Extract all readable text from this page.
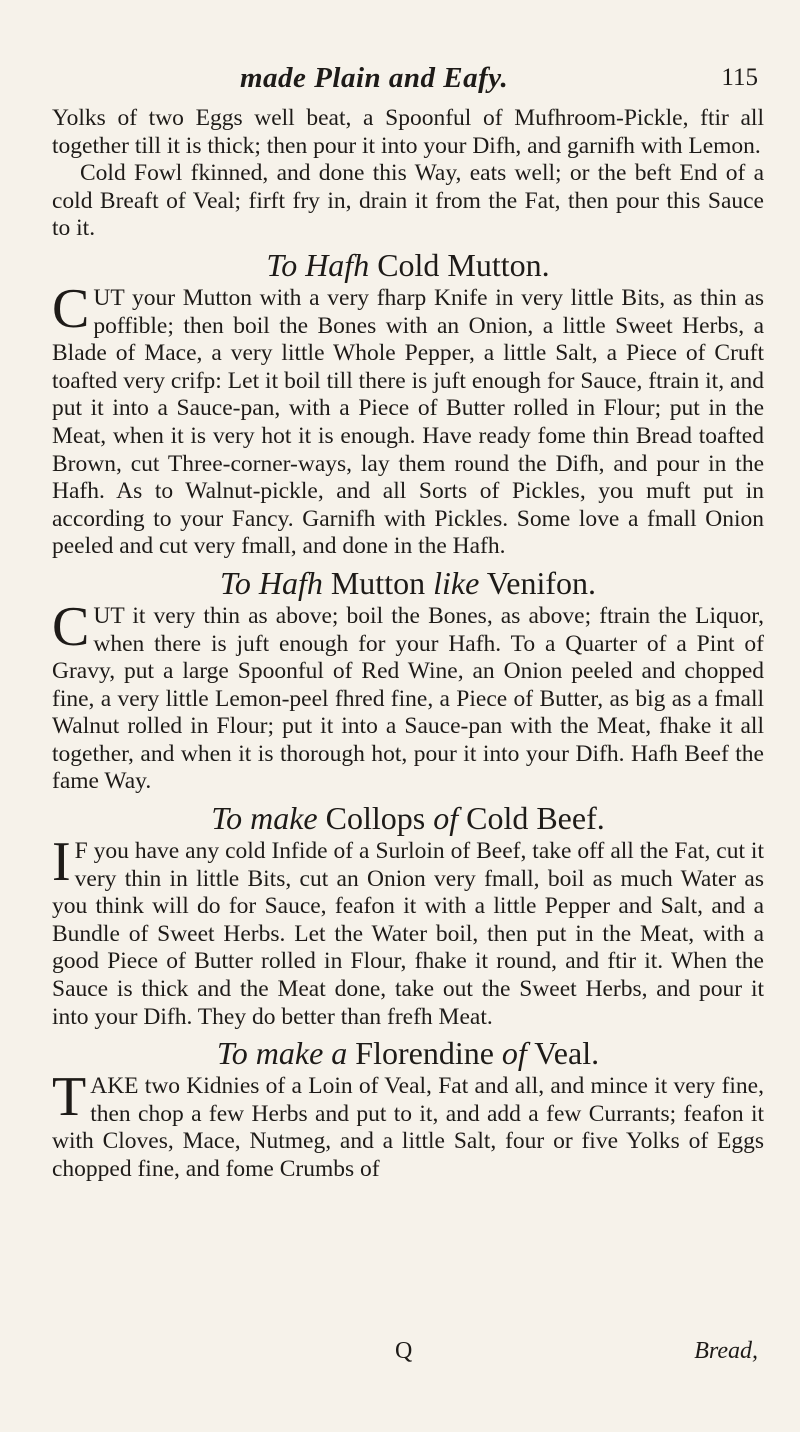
made Plain and Eafy.	115

Yolks of two Eggs well beat, a Spoonful of Mufhroom-Pickle, ftir all together till it is thick; then pour it into your Difh, and garnifh with Lemon.

Cold Fowl fkinned, and done this Way, eats well; or the beft End of a cold Breaft of Veal; firft fry in, drain it from the Fat, then pour this Sauce to it.

To Hafh Cold Mutton.

CUT your Mutton with a very fharp Knife in very little Bits, as thin as poffible; then boil the Bones with an Onion, a little Sweet Herbs, a Blade of Mace, a very little Whole Pepper, a little Salt, a Piece of Cruft toafted very crifp: Let it boil till there is juft enough for Sauce, ftrain it, and put it into a Sauce-pan, with a Piece of Butter rolled in Flour; put in the Meat, when it is very hot it is enough. Have ready fome thin Bread toafted Brown, cut Three-corner-ways, lay them round the Difh, and pour in the Hafh. As to Walnut-pickle, and all Sorts of Pickles, you muft put in according to your Fancy. Garnifh with Pickles. Some love a fmall Onion peeled and cut very fmall, and done in the Hafh.

To Hafh Mutton like Venifon.

CUT it very thin as above; boil the Bones, as above; ftrain the Liquor, when there is juft enough for your Hafh. To a Quarter of a Pint of Gravy, put a large Spoonful of Red Wine, an Onion peeled and chopped fine, a very little Lemon-peel fhred fine, a Piece of Butter, as big as a fmall Walnut rolled in Flour; put it into a Sauce-pan with the Meat, fhake it all together, and when it is thorough hot, pour it into your Difh. Hafh Beef the fame Way.

To make Collops of Cold Beef.

I F you have any cold Infide of a Surloin of Beef, take off all the Fat, cut it very thin in little Bits, cut an Onion very fmall, boil as much Water as you think will do for Sauce, feafon it with a little Pepper and Salt, and a Bundle of Sweet Herbs. Let the Water boil, then put in the Meat, with a good Piece of Butter rolled in Flour, fhake it round, and ftir it. When the Sauce is thick and the Meat done, take out the Sweet Herbs, and pour it into your Difh. They do better than frefh Meat.

To make a Florendine of Veal.

TAKE two Kidnies of a Loin of Veal, Fat and all, and mince it very fine, then chop a few Herbs and put to it, and add a few Currants; feafon it with Cloves, Mace, Nutmeg, and a little Salt, four or five Yolks of Eggs chopped fine, and fome Crumbs of

Q	Bread,
